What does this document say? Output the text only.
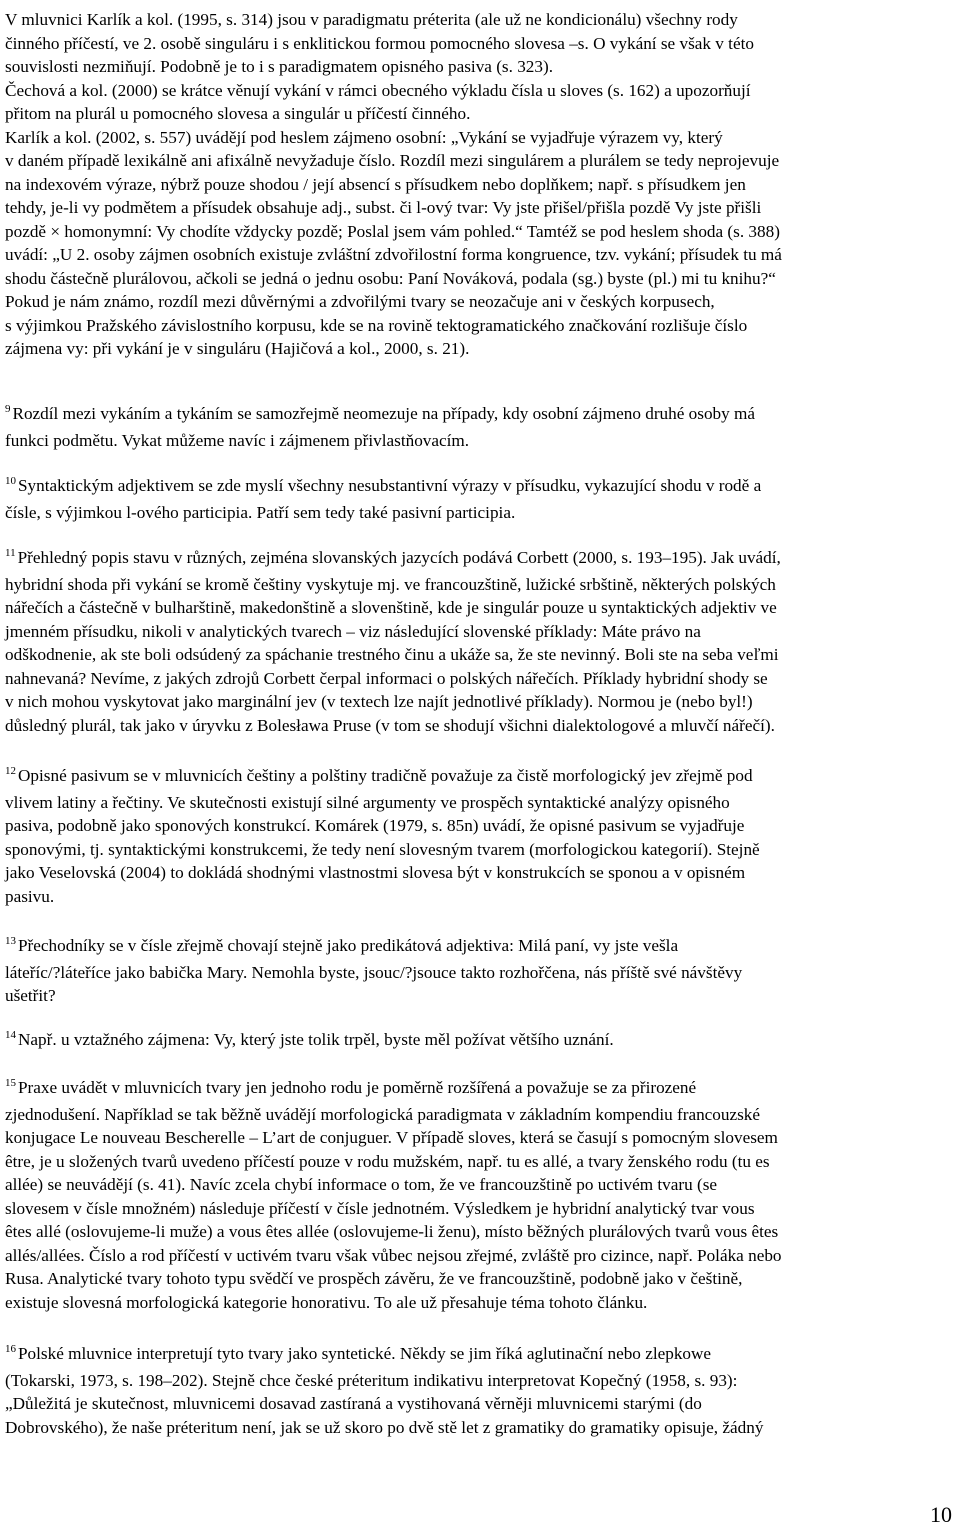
V mluvnici Karlík a kol. (1995, s. 314) jsou v paradigmatu préterita (ale už ne kondicionálu) všechny rody
činného příčestí, ve 2. osobě singuláru i s enklitickou formou pomocného slovesa –s. O vykání se však v této
souvislosti nezmiňují. Podobně je to i s paradigmatem opisného pasiva (s. 323).
Čechová a kol. (2000) se krátce věnují vykání v rámci obecného výkladu čísla u sloves (s. 162) a upozorňují
přitom na plurál u pomocného slovesa a singulár u příčestí činného.
Karlík a kol. (2002, s. 557) uvádějí pod heslem zájmeno osobní: „Vykání se vyjadřuje výrazem vy, který
v daném případě lexikálně ani afixálně nevyžaduje číslo. Rozdíl mezi singulárem a plurálem se tedy neprojevuje
na indexovém výraze, nýbrž pouze shodou / její absencí s přísudkem nebo doplňkem; např. s přísudkem jen
tehdy, je-li vy podmětem a přísudek obsahuje adj., subst. či l-ový tvar: Vy jste přišel/přišla pozdě Vy jste přišli
pozdě × homonymní: Vy chodíte vždycky pozdě; Poslal jsem vám pohled.“ Tamtéž se pod heslem shoda (s. 388)
uvádí: „U 2. osoby zájmen osobních existuje zvláštní zdvořilostní forma kongruence, tzv. vykání; přísudek tu má
shodu částečně plurálovou, ačkoli se jedná o jednu osobu: Paní Nováková, podala (sg.) byste (pl.) mi tu knihu?“
Pokud je nám známo, rozdíl mezi důvěrnými a zdvořilými tvary se neozačuje ani v českých korpusech,
s výjimkou Pražského závislostního korpusu, kde se na rovině tektogramatického značkování rozlišuje číslo
zájmena vy: při vykání je v singuláru (Hajičová a kol., 2000, s. 21).
$^9$ Rozdíl mezi vykáním a tykáním se samozřejmě neomezuje na případy, kdy osobní zájmeno druhé osoby má
funkci podmětu. Vykat můžeme navíc i zájmenem přivlastňovacím.
$^{10}$ Syntaktickým adjektivem se zde myslí všechny nesubstantivní výrazy v přísudku, vykazující shodu v rodě a
čísle, s výjimkou l-ového participia. Patří sem tedy také pasivní participia.
$^{11}$ Přehledný popis stavu v různých, zejména slovanských jazycích podává Corbett (2000, s. 193–195). Jak uvádí,
hybridní shoda při vykání se kromě češtiny vyskytuje mj. ve francouzštině, lužické srbštině, některých polských
nářečích a částečně v bulharštině, makedonštině a slovenštině, kde je singulár pouze u syntaktických adjektiv ve
jmenném přísudku, nikoli v analytických tvarech – viz následující slovenské příklady: Máte právo na
odškodnenie, ak ste boli odsúdený za spáchanie trestného činu a ukáže sa, že ste nevinný. Boli ste na seba veľmi
nahnevaná? Nevíme, z jakých zdrojů Corbett čerpal informaci o polských nářečích. Příklady hybridní shody se
v nich mohou vyskytovat jako marginální jev (v textech lze najít jednotlivé příklady). Normou je (nebo byl!)
důsledný plurál, tak jako v úryvku z Bolesława Pruse (v tom se shodují všichni dialektologové a mluvčí nářečí).
$^{12}$ Opisné pasivum se v mluvnicích češtiny a polštiny tradičně považuje za čistě morfologický jev zřejmě pod
vlivem latiny a řečtiny. Ve skutečnosti existují silné argumenty ve prospěch syntaktické analýzy opisného
pasiva, podobně jako sponových konstrukcí. Komárek (1979, s. 85n) uvádí, že opisné pasivum se vyjadřuje
sponovými, tj. syntaktickými konstrukcemi, že tedy není slovesným tvarem (morfologickou kategorií). Stejně
jako Veselovská (2004) to dokládá shodnými vlastnostmi slovesa být v konstrukcích se sponou a v opisném
pasivu.
$^{13}$ Přechodníky se v čísle zřejmě chovají stejně jako predikátová adjektiva: Milá paní, vy jste vešla
láteříc/?láteříce jako babička Mary. Nemohla byste, jsouc/?jsouce takto rozhořčena, nás příště své návštěvy
ušetřit?
$^{14}$ Např. u vztažného zájmena: Vy, který jste tolik trpěl, byste měl požívat většího uznání.
$^{15}$ Praxe uvádět v mluvnicích tvary jen jednoho rodu je poměrně rozšířená a považuje se za přirozené
zjednodušení. Například se tak běžně uvádějí morfologická paradigmata v základním kompendiu francouzské
konjugace Le nouveau Bescherelle – L’art de conjuguer. V případě sloves, která se časují s pomocným slovesem
être, je u složených tvarů uvedeno příčestí pouze v rodu mužském, např. tu es allé, a tvary ženského rodu (tu es
allée) se neuvádějí (s. 41). Navíc zcela chybí informace o tom, že ve francouzštině po uctivém tvaru (se
slovesem v čísle množném) následuje příčestí v čísle jednotném. Výsledkem je hybridní analytický tvar vous
êtes allé (oslovujeme-li muže) a vous êtes allée (oslovujeme-li ženu), místo běžných plurálových tvarů vous êtes
allés/allées. Číslo a rod příčestí v uctivém tvaru však vůbec nejsou zřejmé, zvláště pro cizince, např. Poláka nebo
Rusa. Analytické tvary tohoto typu svědčí ve prospěch závěru, že ve francouzštině, podobně jako v češtině,
existuje slovesná morfologická kategorie honorativu. To ale už přesahuje téma tohoto článku.
$^{16}$ Polské mluvnice interpretují tyto tvary jako syntetické. Někdy se jim říká aglutinační nebo zlepkowe
(Tokarski, 1973, s. 198–202). Stejně chce české préteritum indikativu interpretovat Kopečný (1958, s. 93):
„Důležitá je skutečnost, mluvnicemi dosavad zastíraná a vystihovaná věrněji mluvnicemi starými (do
Dobrovského), že naše préteritum není, jak se už skoro po dvě stě let z gramatiky do gramatiky opisuje, žádný
10
